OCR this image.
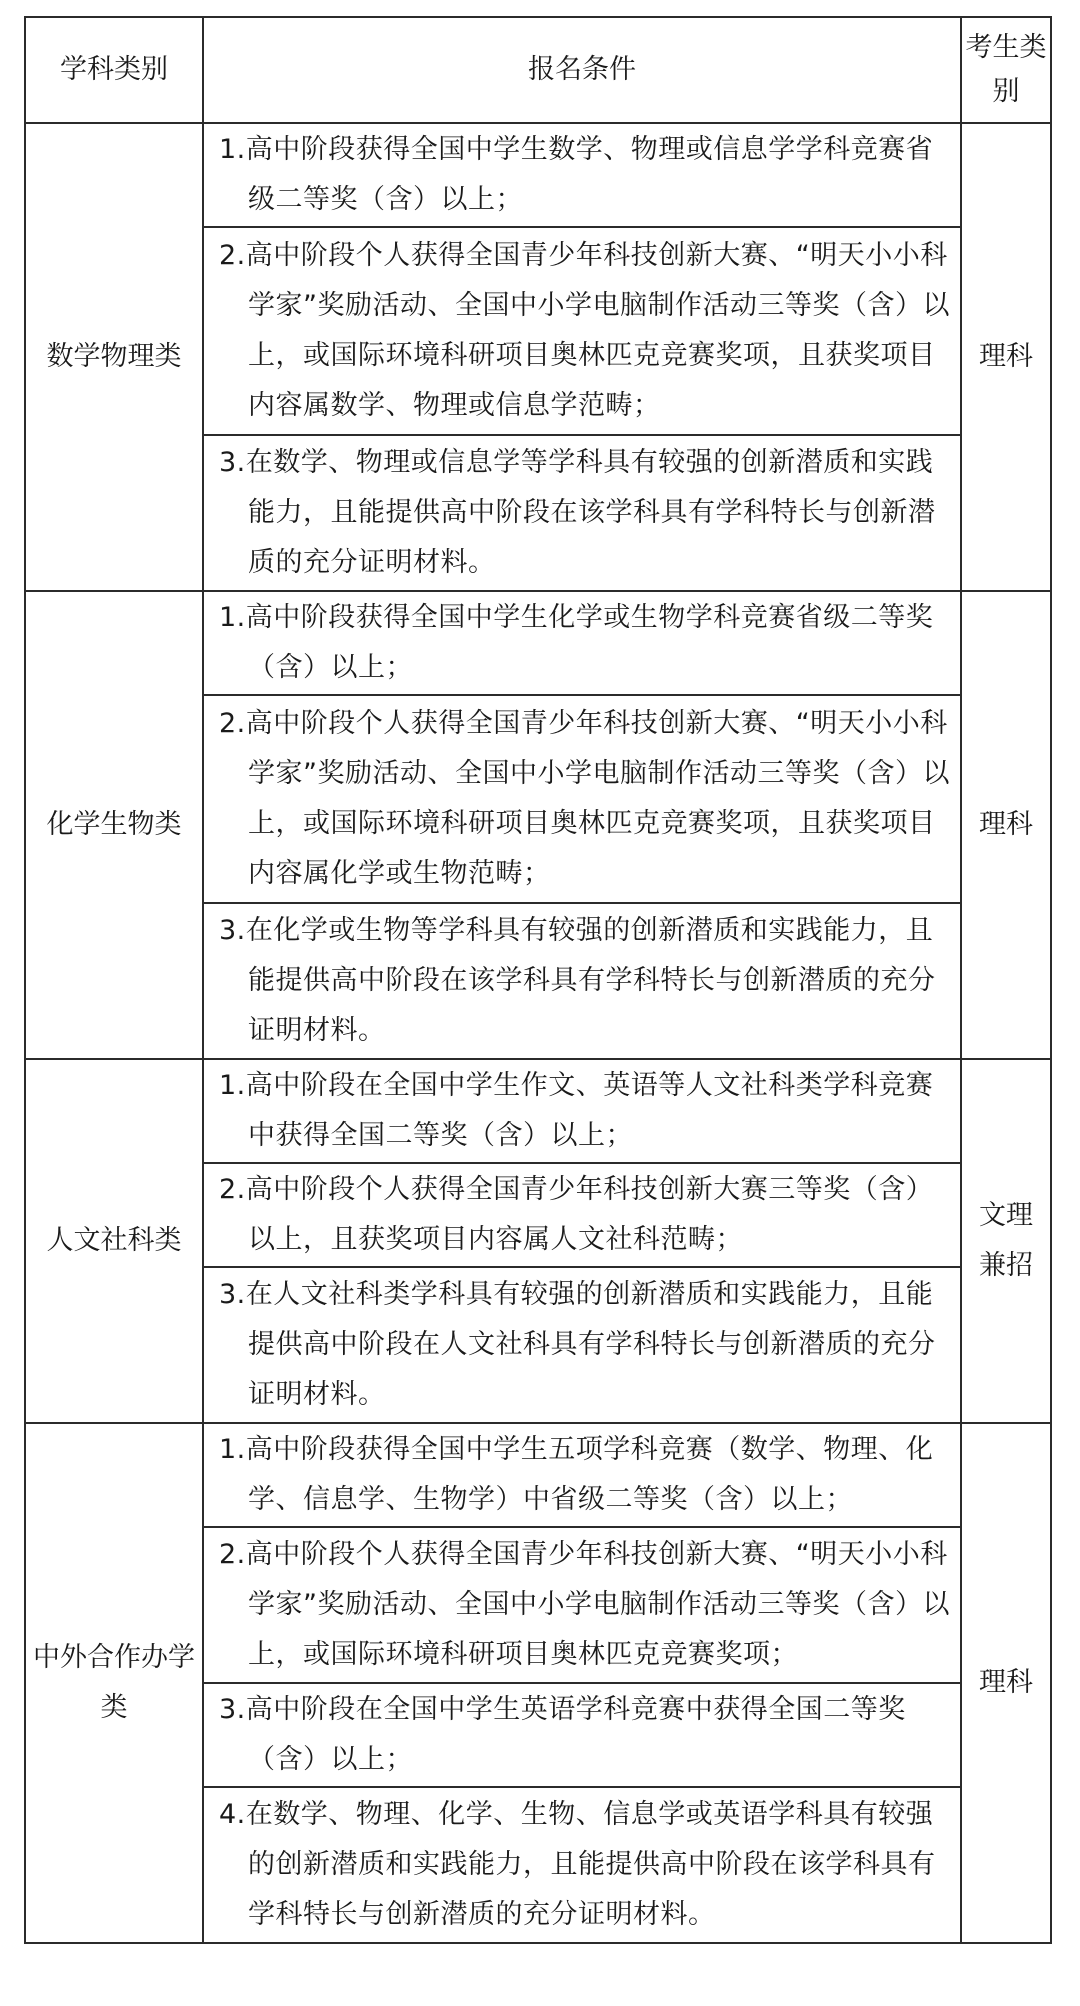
学科类别	报名条件	考生类别
数学物理类	1.高中阶段获得全国中学生数学、物理或信息学学科竞赛省级二等奖（含）以上；	理科

	2.高中阶段个人获得全国青少年科技创新大赛、“明天小小科学家”奖励活动、全国中小学电脑制作活动三等奖（含）以上，或国际环境科研项目奥林匹克竞赛奖项，且获奖项目内容属数学、物理或信息学范畴；	

	3.在数学、物理或信息学等学科具有较强的创新潜质和实践能力，且能提供高中阶段在该学科具有学科特长与创新潜质的充分证明材料。	

化学生物类	1.高中阶段获得全国中学生化学或生物学科竞赛省级二等奖（含）以上；	理科

	2.高中阶段个人获得全国青少年科技创新大赛、“明天小小科学家”奖励活动、全国中小学电脑制作活动三等奖（含）以上，或国际环境科研项目奥林匹克竞赛奖项，且获奖项目内容属化学或生物范畴；	

	3.在化学或生物等学科具有较强的创新潜质和实践能力，且能提供高中阶段在该学科具有学科特长与创新潜质的充分证明材料。	

人文社科类	1.高中阶段在全国中学生作文、英语等人文社科类学科竞赛中获得全国二等奖（含）以上；	文理 兼招

	2.高中阶段个人获得全国青少年科技创新大赛三等奖（含）以上，且获奖项目内容属人文社科范畴；	

	3.在人文社科类学科具有较强的创新潜质和实践能力，且能提供高中阶段在人文社科具有学科特长与创新潜质的充分证明材料。	

中外合作办学类	1.高中阶段获得全国中学生五项学科竞赛（数学、物理、化学、信息学、生物学）中省级二等奖（含）以上；	理科

	2.高中阶段个人获得全国青少年科技创新大赛、“明天小小科学家”奖励活动、全国中小学电脑制作活动三等奖（含）以上，或国际环境科研项目奥林匹克竞赛奖项；	

	3.高中阶段在全国中学生英语学科竞赛中获得全国二等奖（含）以上；	

	4.在数学、物理、化学、生物、信息学或英语学科具有较强的创新潜质和实践能力，且能提供高中阶段在该学科具有学科特长与创新潜质的充分证明材料。	
